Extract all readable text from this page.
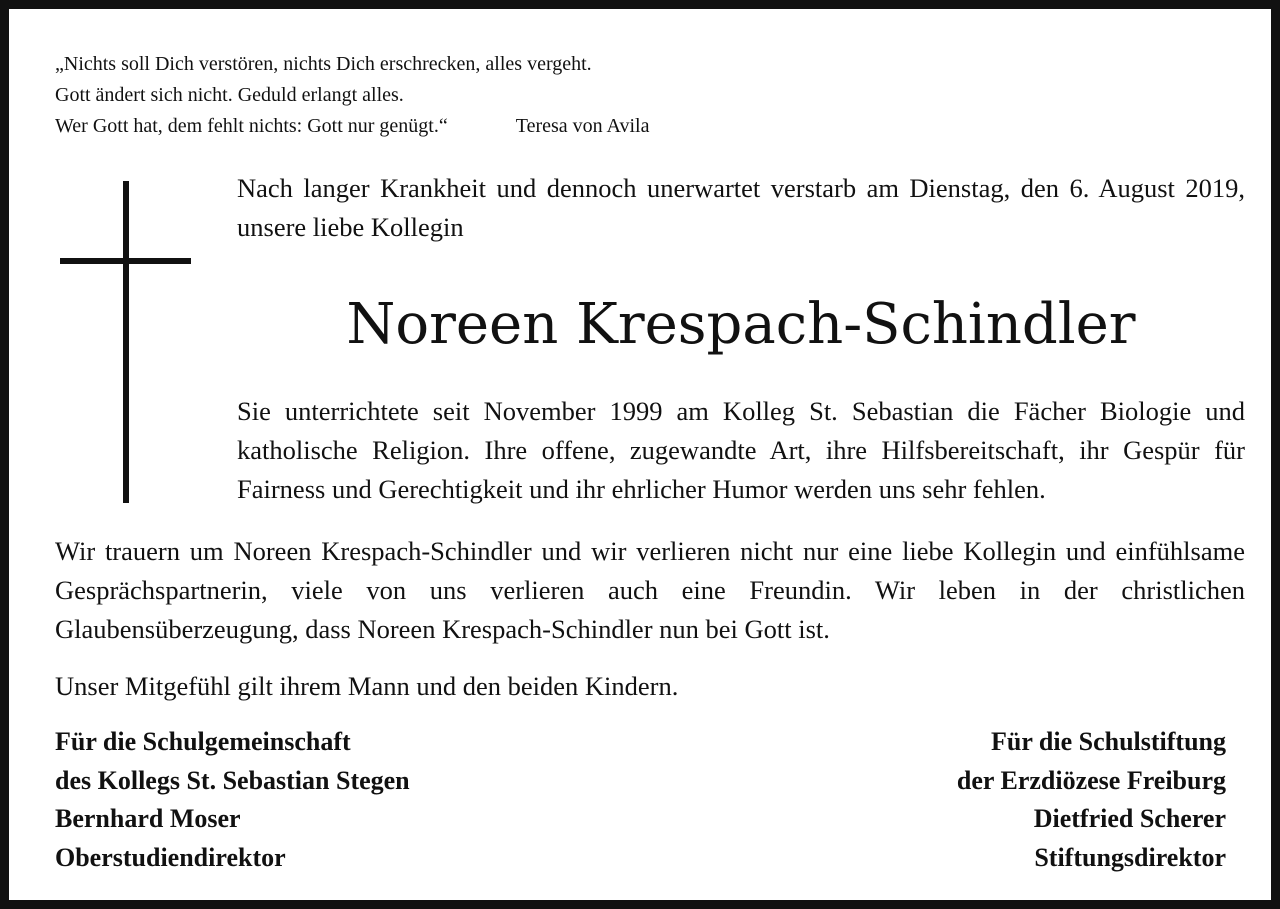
„Nichts soll Dich verstören, nichts Dich erschrecken, alles vergeht.
Gott ändert sich nicht. Geduld erlangt alles.
Wer Gott hat, dem fehlt nichts: Gott nur genügt.“	Teresa von Avila
Nach langer Krankheit und dennoch unerwartet verstarb am Dienstag, den 6. August 2019, unsere liebe Kollegin
Noreen Krespach-Schindler
Sie unterrichtete seit November 1999 am Kolleg St. Sebastian die Fächer Biologie und katholische Religion. Ihre offene, zugewandte Art, ihre Hilfsbereitschaft, ihr Gespür für Fairness und Gerechtigkeit und ihr ehrlicher Humor werden uns sehr fehlen.
Wir trauern um Noreen Krespach-Schindler und wir verlieren nicht nur eine liebe Kollegin und einfühlsame Gesprächspartnerin, viele von uns verlieren auch eine Freundin. Wir leben in der christlichen Glaubensüberzeugung, dass Noreen Krespach-Schindler nun bei Gott ist.
Unser Mitgefühl gilt ihrem Mann und den beiden Kindern.
Für die Schulgemeinschaft
des Kollegs St. Sebastian Stegen
Bernhard Moser
Oberstudiendirektor
Für die Schulstiftung
der Erzdiözese Freiburg
Dietfried Scherer
Stiftungsdirektor
